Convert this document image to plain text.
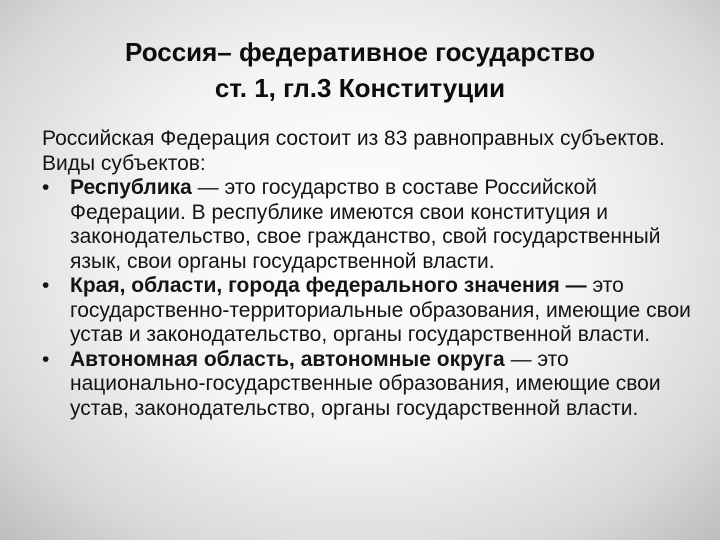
Россия– федеративное государство
ст. 1, гл.3 Конституции

Российская Федерация состоит из 83 равноправных субъектов.

Виды субъектов:

• Республика — это государство в составе Российской Федерации. В республике имеются свои конституция и законодательство, свое гражданство, свой государственный язык, свои органы государственной власти.

• Края, области, города федерального значения — это государственно-территориальные образования, имеющие свои устав и законодательство, органы государственной власти.

• Автономная область, автономные округа — это национально-государственные образования, имеющие свои устав, законодательство, органы государственной власти.
